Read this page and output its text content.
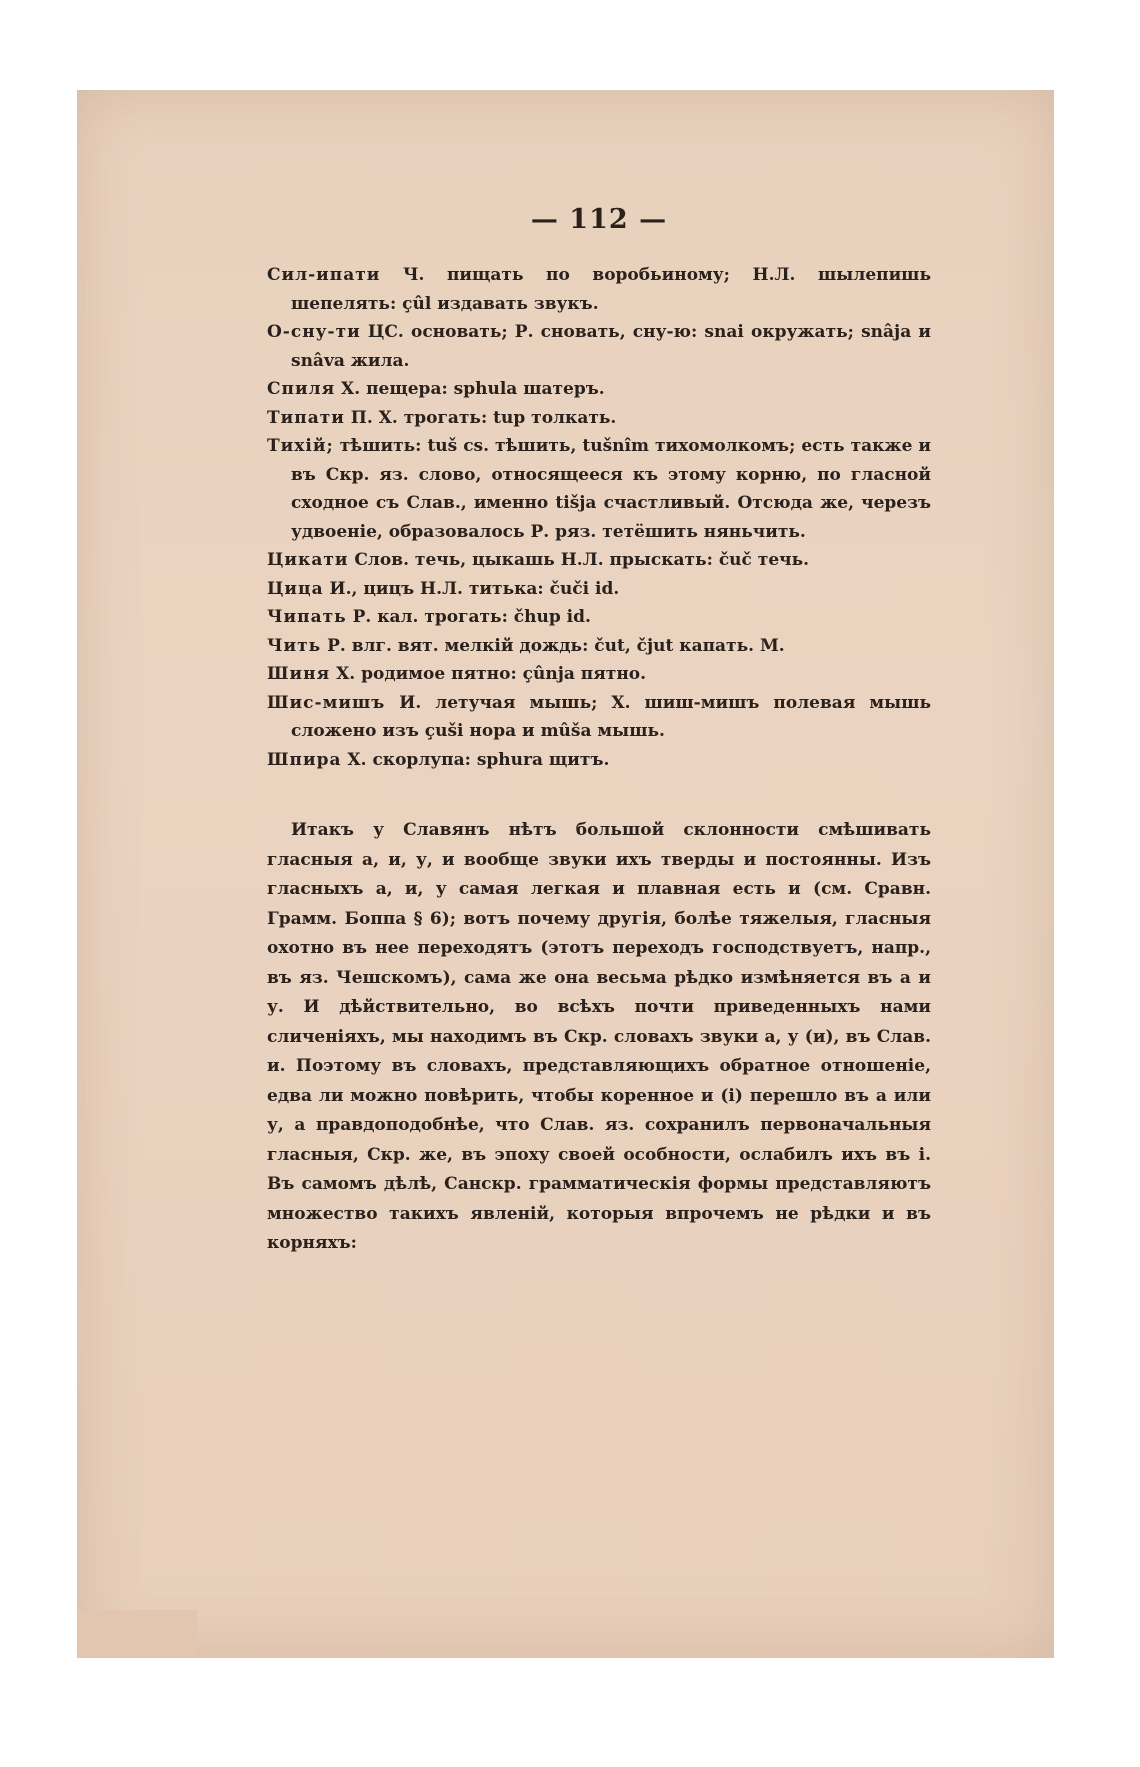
— 112 —
Сил-ипати Ч. пищать по воробьиному; Н.Л. шылепишь шепелять: çûl издавать звукъ.
О-сну-ти ЦС. основать; Р. сновать, сну-ю: snai окружать; snâja и snâva жила.
Спиля Х. пещера: sphula шатеръ.
Типати П. Х. трогать: tup толкать.
Тихій; тѣшить: tuš cs. тѣшить, tušnîm тихомолкомъ; есть также и въ Скр. яз. слово, относящееся къ этому корню, по гласной сходное съ Слав., именно tišja счастливый. Отсюда же, черезъ удвоеніе, образовалось Р. ряз. тетёшить няньчить.
Цикати Слов. течь, цыкашь Н.Л. прыскать: čuč течь.
Цица И., цицъ Н.Л. титька: čuči id.
Чипать Р. кал. трогать: čhup id.
Чить Р. влг. вят. мелкій дождь: čut, čjut капать. М.
Шиня Х. родимое пятно: çûnja пятно.
Шис-мишъ И. летучая мышь; Х. шиш-мишъ полевая мышь сложено изъ çuši нора и mûša мышь.
Шпира Х. скорлупа: sphura щитъ.
Итакъ у Славянъ нѣтъ большой склонности смѣшивать гласныя а, и, у, и вообще звуки ихъ тверды и постоянны. Изъ гласныхъ а, и, у самая легкая и плавная есть и (см. Сравн. Грамм. Боппа § 6); вотъ почему другія, болѣе тяжелыя, гласныя охотно въ нее переходятъ (этотъ переходъ господствуетъ, напр., въ яз. Чешскомъ), сама же она весьма рѣдко измѣняется въ а и у. И дѣйствительно, во всѣхъ почти приведенныхъ нами сличеніяхъ, мы находимъ въ Скр. словахъ звуки а, у (и), въ Слав. и. Поэтому въ словахъ, представляющихъ обратное отношеніе, едва ли можно повѣрить, чтобы коренное и (i) перешло въ а или у, а правдоподобнѣе, что Слав. яз. сохранилъ первоначальныя гласныя, Скр. же, въ эпоху своей особности, ослабилъ ихъ въ i. Въ самомъ дѣлѣ, Санскр. грамматическія формы представляютъ множество такихъ явленій, которыя впрочемъ не рѣдки и въ корняхъ:
